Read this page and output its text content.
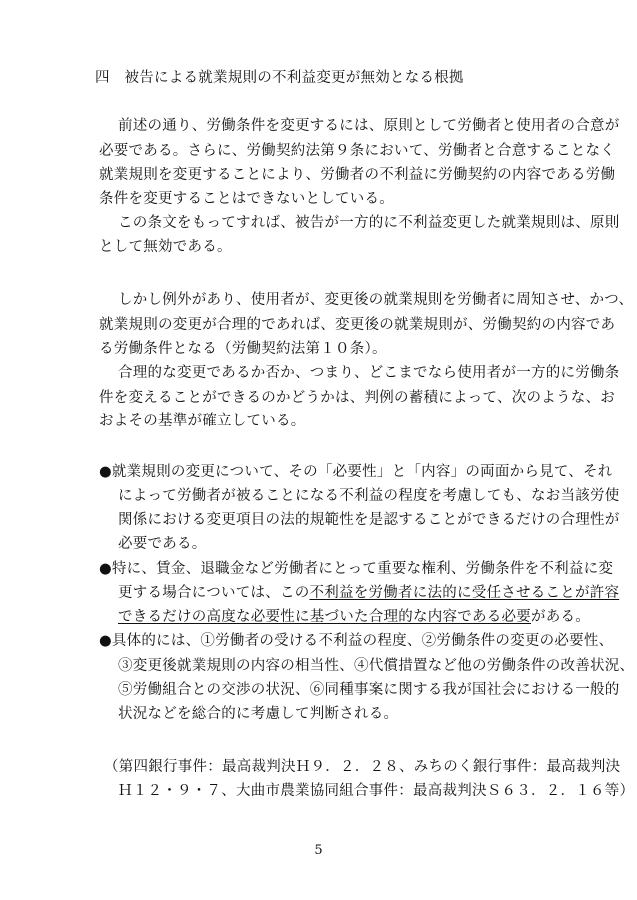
四　被告による就業規則の不利益変更が無効となる根拠
前述の通り、労働条件を変更するには、原則として労働者と使用者の合意が
必要である。さらに、労働契約法第９条において、労働者と合意することなく
就業規則を変更することにより、労働者の不利益に労働契約の内容である労働
条件を変更することはできないとしている。
この条文をもってすれば、被告が一方的に不利益変更した就業規則は、原則
として無効である。
しかし例外があり、使用者が、変更後の就業規則を労働者に周知させ、かつ、
就業規則の変更が合理的であれば、変更後の就業規則が、労働契約の内容であ
る労働条件となる（労働契約法第１０条）。
合理的な変更であるか否か、つまり、どこまでなら使用者が一方的に労働条
件を変えることができるのかどうかは、判例の蓄積によって、次のような、お
およその基準が確立している。
●就業規則の変更について、その「必要性」と「内容」の両面から見て、それ
によって労働者が被ることになる不利益の程度を考慮しても、なお当該労使
関係における変更項目の法的規範性を是認することができるだけの合理性が
必要である。
●特に、賃金、退職金など労働者にとって重要な権利、労働条件を不利益に変
更する場合については、この不利益を労働者に法的に受任させることが許容
できるだけの高度な必要性に基づいた合理的な内容である必要がある。
●具体的には、①労働者の受ける不利益の程度、②労働条件の変更の必要性、
③変更後就業規則の内容の相当性、④代償措置など他の労働条件の改善状況、
⑤労働組合との交渉の状況、⑥同種事案に関する我が国社会における一般的
状況などを総合的に考慮して判断される。
（第四銀行事件：最高裁判決Ｈ９．２．２８、みちのく銀行事件：最高裁判決
Ｈ１２・９・７、大曲市農業協同組合事件：最高裁判決Ｓ６３．２．１６等）
5
